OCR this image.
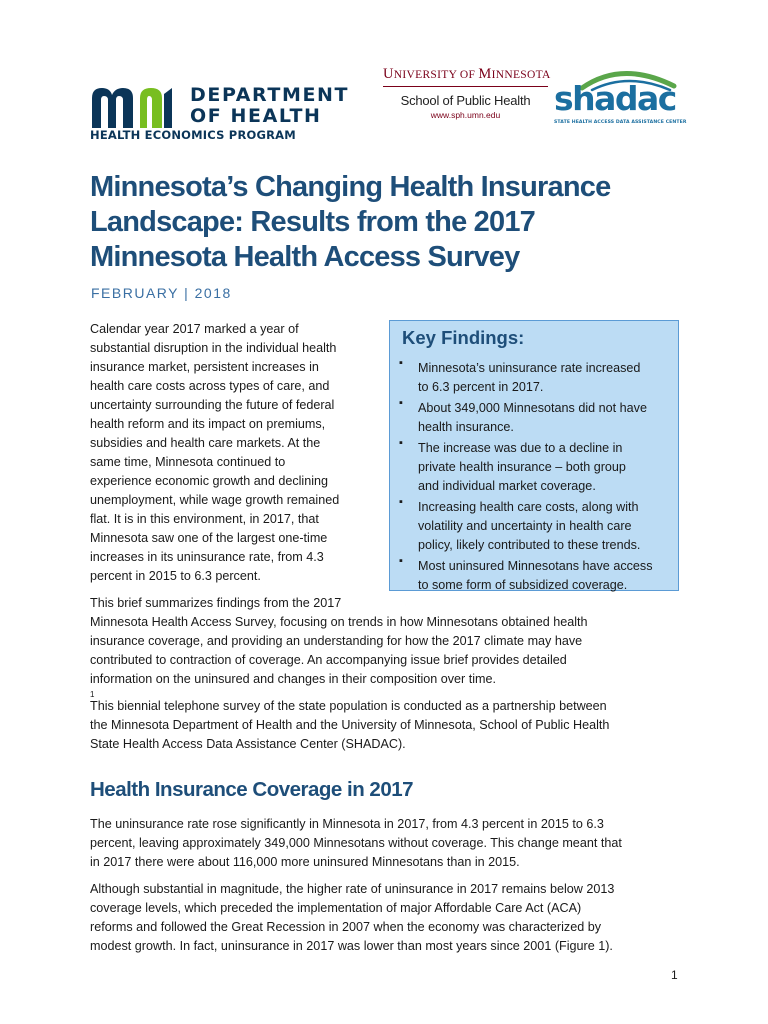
DEPARTMENT
OF HEALTH
HEALTH ECONOMICS PROGRAM
UNIVERSITY OF MINNESOTA
School of Public Health
www.sph.umn.edu	shadac
STATE HEALTH ACCESS DATA ASSISTANCE CENTER
Minnesota’s Changing Health Insurance
Landscape: Results from the 2017
Minnesota Health Access Survey
FEBRUARY | 2018
Calendar year 2017 marked a year of
substantial disruption in the individual health
insurance market, persistent increases in
health care costs across types of care, and
uncertainty surrounding the future of federal
health reform and its impact on premiums,
subsidies and health care markets. At the
same time, Minnesota continued to
experience economic growth and declining
unemployment, while wage growth remained
flat. It is in this environment, in 2017, that
Minnesota saw one of the largest one-time
increases in its uninsurance rate, from 4.3
percent in 2015 to 6.3 percent.
Key Findings:
▪ Minnesota’s uninsurance rate increased
to 6.3 percent in 2017.
▪ About 349,000 Minnesotans did not have
health insurance.
▪ The increase was due to a decline in
private health insurance – both group
and individual market coverage.
▪ Increasing health care costs, along with
volatility and uncertainty in health care
policy, likely contributed to these trends.
▪ Most uninsured Minnesotans have access
to some form of subsidized coverage.
This brief summarizes findings from the 2017
Minnesota Health Access Survey, focusing on trends in how Minnesotans obtained health
insurance coverage, and providing an understanding for how the 2017 climate may have
contributed to contraction of coverage. An accompanying issue brief provides detailed
information on the uninsured and changes in their composition over time.
$^1$
This biennial telephone survey of the state population is conducted as a partnership between
the Minnesota Department of Health and the University of Minnesota, School of Public Health
State Health Access Data Assistance Center (SHADAC).
Health Insurance Coverage in 2017
The uninsurance rate rose significantly in Minnesota in 2017, from 4.3 percent in 2015 to 6.3
percent, leaving approximately 349,000 Minnesotans without coverage. This change meant that
in 2017 there were about 116,000 more uninsured Minnesotans than in 2015.
Although substantial in magnitude, the higher rate of uninsurance in 2017 remains below 2013
coverage levels, which preceded the implementation of major Affordable Care Act (ACA)
reforms and followed the Great Recession in 2007 when the economy was characterized by
modest growth. In fact, uninsurance in 2017 was lower than most years since 2001 (Figure 1).
1
